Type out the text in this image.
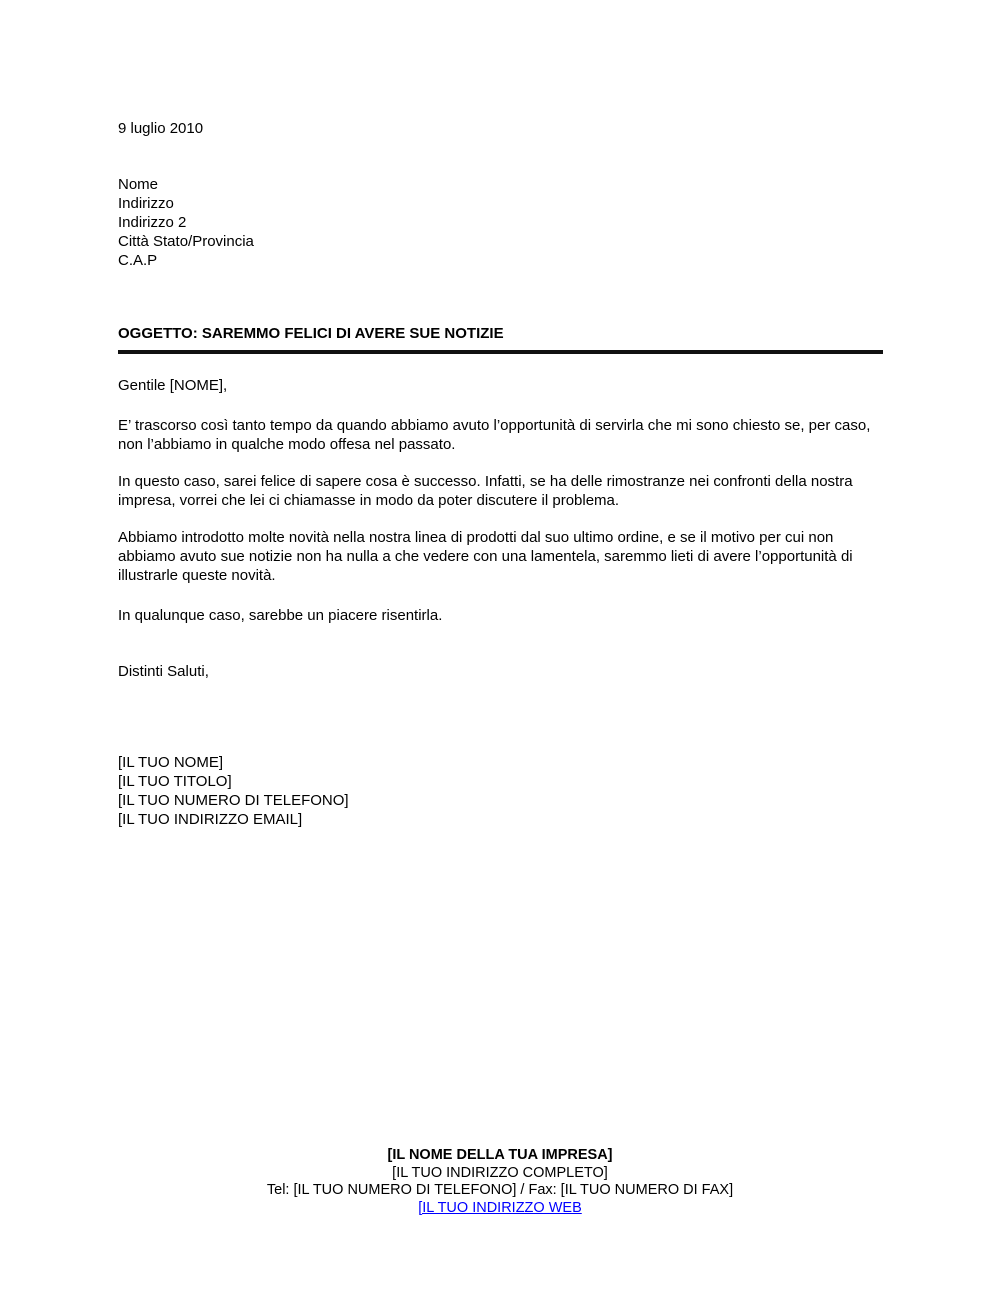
9 luglio 2010
Nome
Indirizzo
Indirizzo 2
Città Stato/Provincia
C.A.P
OGGETTO: SAREMMO FELICI DI AVERE SUE NOTIZIE
Gentile [NOME],
E’ trascorso così tanto tempo da quando abbiamo avuto l’opportunità di servirla che mi sono chiesto se, per caso, non l’abbiamo in qualche modo offesa nel passato.
In questo caso, sarei felice di sapere cosa è successo. Infatti, se ha delle rimostranze nei confronti della nostra impresa, vorrei che lei ci chiamasse in modo da poter discutere il problema.
Abbiamo introdotto molte novità nella nostra linea di prodotti dal suo ultimo ordine, e se il motivo per cui non abbiamo avuto sue notizie non ha nulla a che vedere con una lamentela, saremmo lieti di avere l’opportunità di illustrarle queste novità.
In qualunque caso, sarebbe un piacere risentirla.
Distinti Saluti,
[IL TUO NOME]
[IL TUO TITOLO]
[IL TUO NUMERO DI TELEFONO]
[IL TUO INDIRIZZO EMAIL]
[IL NOME DELLA TUA IMPRESA]
[IL TUO INDIRIZZO COMPLETO]
Tel: [IL TUO NUMERO DI TELEFONO] / Fax: [IL TUO NUMERO DI FAX]
[IL TUO INDIRIZZO WEB
